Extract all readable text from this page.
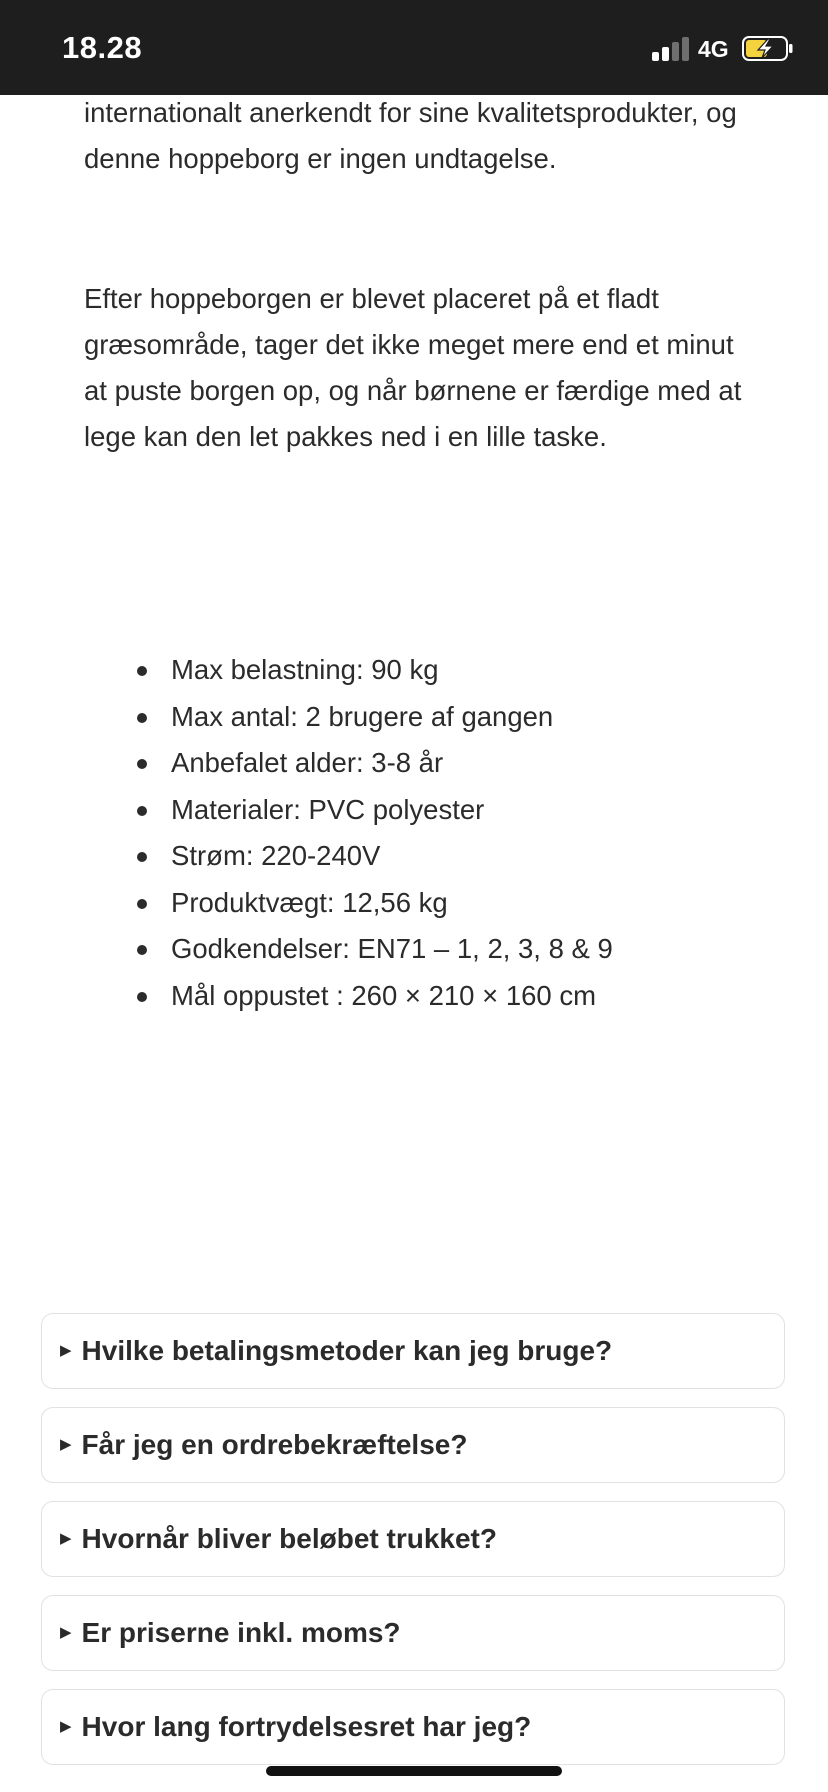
18.28	4G

internationalt anerkendt for sine kvalitetsprodukter, og denne hoppeborg er ingen undtagelse.

Efter hoppeborgen er blevet placeret på et fladt græsområde, tager det ikke meget mere end et minut at puste borgen op, og når børnene er færdige med at lege kan den let pakkes ned i en lille taske.

Max belastning: 90 kg
Max antal: 2 brugere af gangen
Anbefalet alder: 3-8 år
Materialer: PVC polyester
Strøm: 220-240V
Produktvægt: 12,56 kg
Godkendelser: EN71 – 1, 2, 3, 8 & 9
Mål oppustet : 260 × 210 × 160 cm
▶ Hvilke betalingsmetoder kan jeg bruge?
▶ Får jeg en ordrebekræftelse?
▶ Hvornår bliver beløbet trukket?
▶ Er priserne inkl. moms?
▶ Hvor lang fortrydelsesret har jeg?
